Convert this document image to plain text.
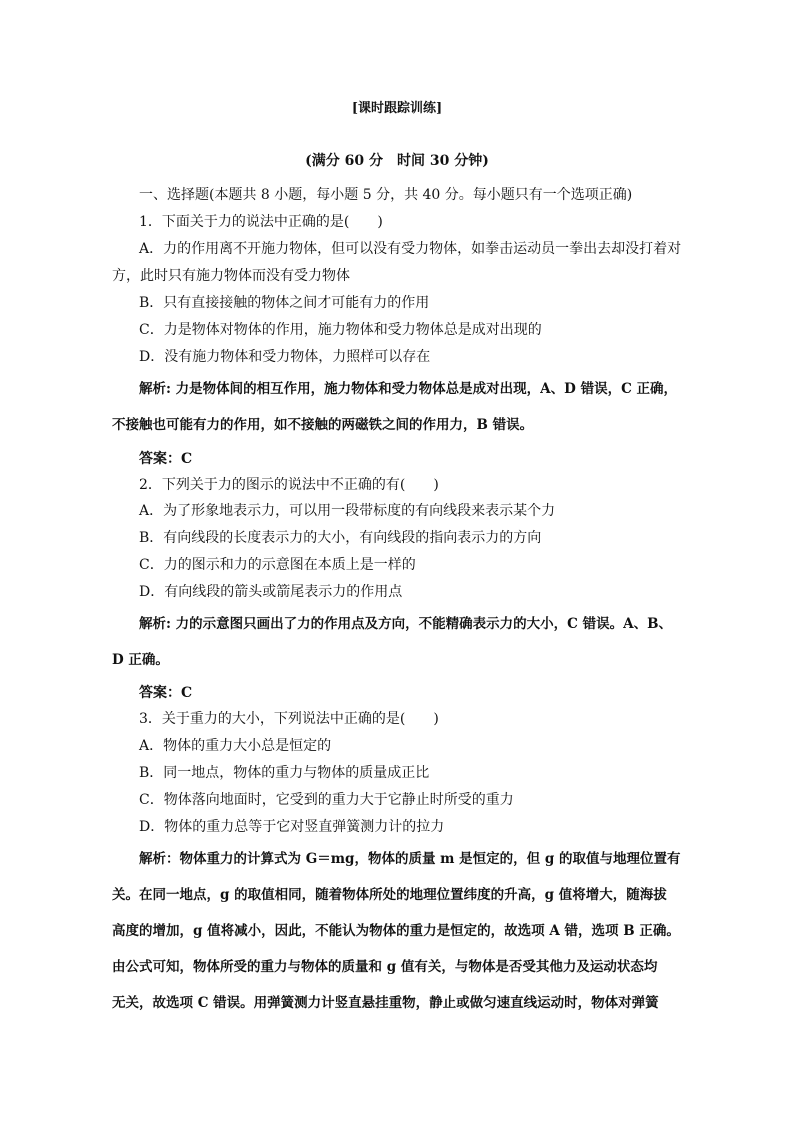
[课时跟踪训练]
(满分 60 分　时间 30 分钟)
一、选择题(本题共 8 小题，每小题 5 分，共 40 分。每小题只有一个选项正确)
1．下面关于力的说法中正确的是(　　)
A．力的作用离不开施力物体，但可以没有受力物体，如拳击运动员一拳出去却没打着对
方，此时只有施力物体而没有受力物体
B．只有直接接触的物体之间才可能有力的作用
C．力是物体对物体的作用，施力物体和受力物体总是成对出现的
D．没有施力物体和受力物体，力照样可以存在
解析: 力是物体间的相互作用，施力物体和受力物体总是成对出现，A、D 错误，C 正确，
不接触也可能有力的作用，如不接触的两磁铁之间的作用力，B 错误。
答案：C
2．下列关于力的图示的说法中不正确的有(　　)
A．为了形象地表示力，可以用一段带标度的有向线段来表示某个力
B．有向线段的长度表示力的大小，有向线段的指向表示力的方向
C．力的图示和力的示意图在本质上是一样的
D．有向线段的箭头或箭尾表示力的作用点
解析: 力的示意图只画出了力的作用点及方向，不能精确表示力的大小，C 错误。A、B、
D 正确。
答案：C
3．关于重力的大小，下列说法中正确的是(　　)
A．物体的重力大小总是恒定的
B．同一地点，物体的重力与物体的质量成正比
C．物体落向地面时，它受到的重力大于它静止时所受的重力
D．物体的重力总等于它对竖直弹簧测力计的拉力
解析：物体重力的计算式为 G＝mg，物体的质量 m 是恒定的，但 g 的取值与地理位置有
关。在同一地点，g 的取值相同，随着物体所处的地理位置纬度的升高，g 值将增大，随海拔
高度的增加，g 值将减小，因此，不能认为物体的重力是恒定的，故选项 A 错，选项 B 正确。
由公式可知，物体所受的重力与物体的质量和 g 值有关，与物体是否受其他力及运动状态均
无关，故选项 C 错误。用弹簧测力计竖直悬挂重物，静止或做匀速直线运动时，物体对弹簧
